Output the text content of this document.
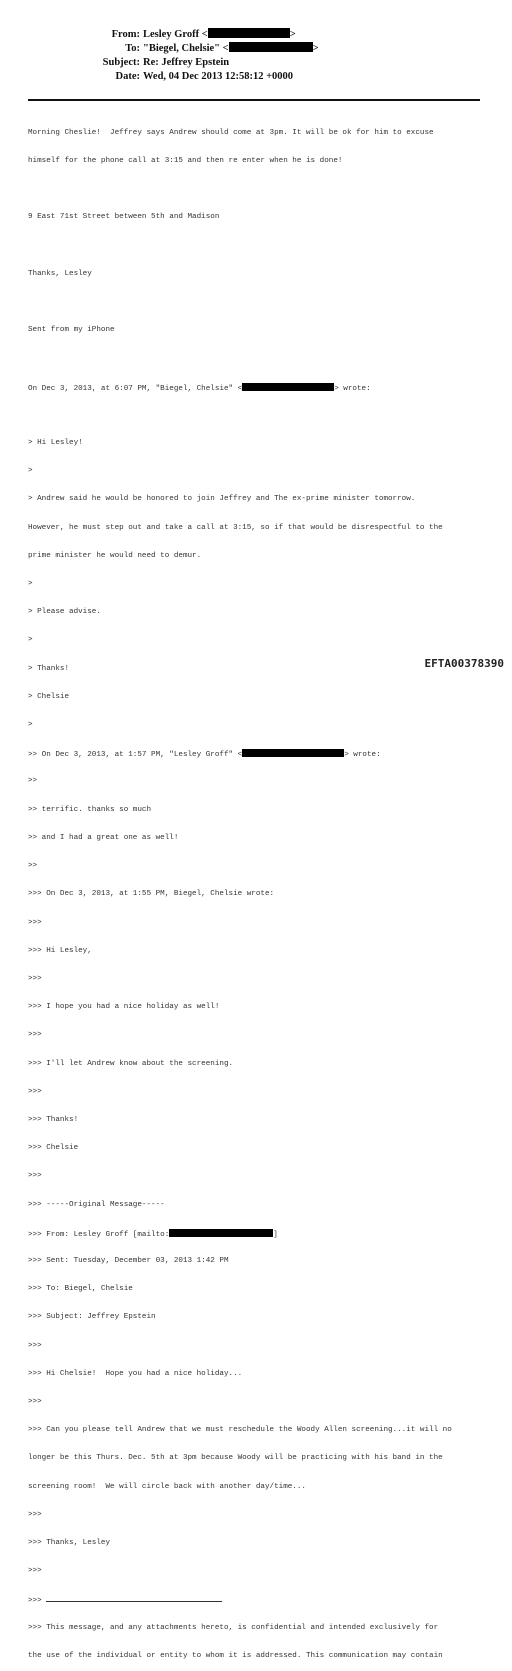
From: Lesley Groff <	>
To: "Biegel, Chelsie" <	>
Subject: Re: Jeffrey Epstein
Date: Wed, 04 Dec 2013 12:58:12 +0000

Morning Cheslie!  Jeffrey says Andrew should come at 3pm. It will be ok for him to excuse

himself for the phone call at 3:15 and then re enter when he is done!

9 East 71st Street between 5th and Madison

Thanks, Lesley

Sent from my iPhone

On Dec 3, 2013, at 6:07 PM, "Biegel, Chelsie" <	> wrote:

> Hi Lesley!

>

> Andrew said he would be honored to join Jeffrey and The ex-prime minister tomorrow.

However, he must step out and take a call at 3:15, so if that would be disrespectful to the

prime minister he would need to demur.

>

> Please advise.

>

> Thanks!

> Chelsie

>

>> On Dec 3, 2013, at 1:57 PM, "Lesley Groff" <	> wrote:

>>

>> terrific. thanks so much

>> and I had a great one as well!

>>

>>> On Dec 3, 2013, at 1:55 PM, Biegel, Chelsie wrote:

>>>

>>> Hi Lesley,

>>>

>>> I hope you had a nice holiday as well!

>>>

>>> I'll let Andrew know about the screening.

>>>

>>> Thanks!

>>> Chelsie

>>>

>>> -----Original Message-----

>>> From: Lesley Groff [mailto:	]

>>> Sent: Tuesday, December 03, 2013 1:42 PM

>>> To: Biegel, Chelsie

>>> Subject: Jeffrey Epstein

>>>

>>> Hi Chelsie!  Hope you had a nice holiday...

>>>

>>> Can you please tell Andrew that we must reschedule the Woody Allen screening...it will no

longer be this Thurs. Dec. 5th at 3pm because Woody will be practicing with his band in the

screening room!  We will circle back with another day/time...

>>>

>>> Thanks, Lesley

>>>

>>>

>>> This message, and any attachments hereto, is confidential and intended exclusively for

the use of the individual or entity to whom it is addressed. This communication may contain

EFTA00378390
